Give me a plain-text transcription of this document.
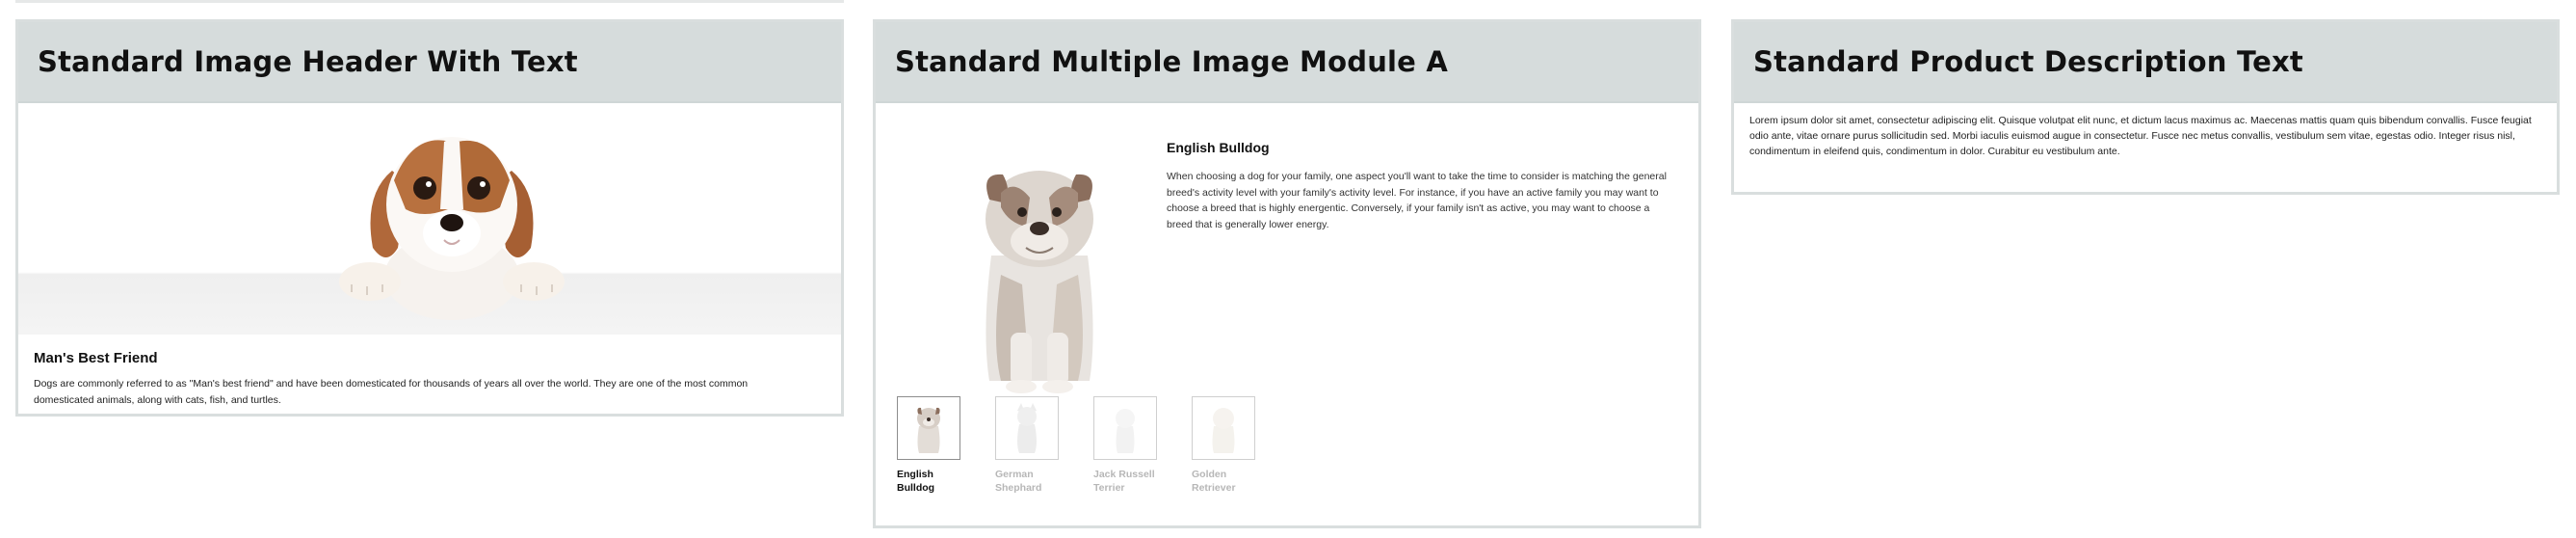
Standard Image Header With Text
Man's Best Friend
Dogs are commonly referred to as "Man's best friend" and have been domesticated for thousands of years all over the world. They are one of the most common domesticated animals, along with cats, fish, and turtles.
Standard Multiple Image Module A
English Bulldog
When choosing a dog for your family, one aspect you'll want to take the time to consider is matching the general breed's activity level with your family's activity level. For instance, if you have an active family you may want to choose a breed that is highly energentic. Conversely, if your family isn't as active, you may want to choose a breed that is generally lower energy.
English
Bulldog
German
Shephard
Jack Russell
Terrier
Golden
Retriever
Standard Product Description Text
Lorem ipsum dolor sit amet, consectetur adipiscing elit. Quisque volutpat elit nunc, et dictum lacus maximus ac. Maecenas mattis quam quis bibendum convallis. Fusce feugiat odio ante, vitae ornare purus sollicitudin sed. Morbi iaculis euismod augue in consectetur. Fusce nec metus convallis, vestibulum sem vitae, egestas odio. Integer risus nisl, condimentum in eleifend quis, condimentum in dolor. Curabitur eu vestibulum ante.
